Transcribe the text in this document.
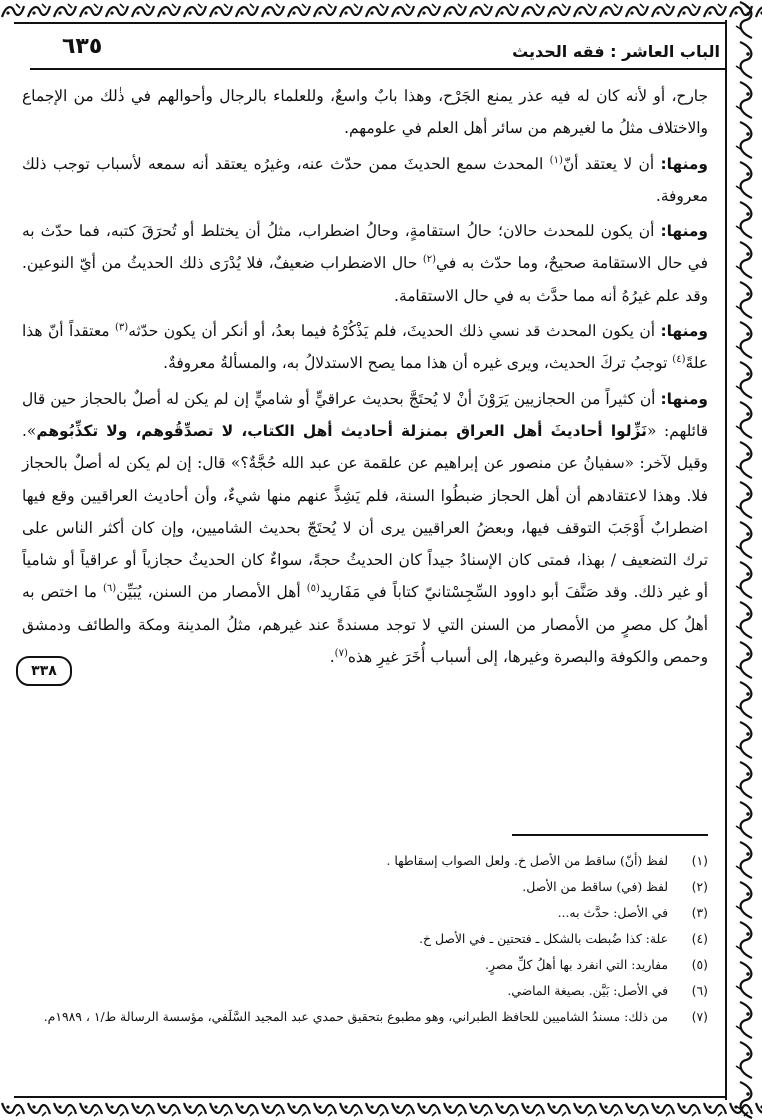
الباب العاشر : فقه الحديث
٦٣٥

جارح، أو لأنه كان له فيه عذر يمنع الجَرْح، وهذا بابٌ واسعٌ، وللعلماء بالرجال وأحوالهم في ذٰلك من الإجماع والاختلاف مثلُ ما لغيرهم من سائر أهل العلم في علومهم.

ومنها: أن لا يعتقد أنّ$^{(١)}$ المحدث سمع الحديثَ ممن حدّث عنه، وغيرُه يعتقد أنه سمعه لأسباب توجب ذلك معروفة.

ومنها: أن يكون للمحدث حالان؛ حالُ استقامةٍ، وحالُ اضطراب، مثلُ أن يختلط أو تُحرَقَ كتبه، فما حدّث به في حال الاستقامة صحيحٌ، وما حدّث به في$^{(٢)}$ حال الاضطراب ضعيفٌ، فلا يُدْرَى ذلك الحديثُ من أيّ النوعين. وقد علم غيرُهُ أنه مما حدَّث به في حال الاستقامة.

ومنها: أن يكون المحدث قد نسي ذلك الحديثَ، فلم يَذْكُرْهُ فيما بعدُ، أو أنكر أن يكون حدّثه$^{(٣)}$ معتقداً أنّ هذا علةً$^{(٤)}$ توجبُ تركَ الحديث، ويرى غيره أن هذا مما يصح الاستدلالُ به، والمسألةُ معروفةٌ.

ومنها: أن كثيراً من الحجازيين يَرَوْنَ أنْ لا يُحتَجَّ بحديث عراقيٍّ أو شاميٍّ إن لم يكن له أصلٌ بالحجاز حين قال قائلهم: «نَزِّلوا أحاديثَ أهل العراق بمنزلة أحاديث أهل الكتاب، لا تصدِّقُوهم، ولا تكذِّبُوهم». وقيل لآخر: «سفيانُ عن منصور عن إبراهيم عن علقمة عن عبد الله حُجَّةٌ؟» قال: إن لم يكن له أصلٌ بالحجاز فلا. وهذا لاعتقادهم أن أهل الحجاز ضبطُوا السنة، فلم يَشِذَّ عنهم منها شيءٌ، وأن أحاديث العراقيين وقع فيها اضطرابٌ أَوْجَبَ التوقف فيها، وبعضُ العراقيين يرى أن لا يُحتَجّ بحديث الشاميين، وإن كان أكثر الناس على ترك التضعيف / بهذا، فمتى كان الإسنادُ جيداً كان الحديثُ حجةً، سواءٌ كان الحديثُ حجازياً أو عراقياً أو شامياً أو غير ذلك. وقد صَنَّفَ أبو داوود السِّجِسْتانيّ كتاباً في مَفَاريد$^{(٥)}$ أهل الأمصار من السنن، يُبَيِّن$^{(٦)}$ ما اختص به أهلُ كل مصرٍ من الأمصار من السنن التي لا توجد مسندةً عند غيرهم، مثلُ المدينة ومكة والطائف ودمشق وحمص والكوفة والبصرة وغيرها، إلى أسباب أُخَرَ غيرِ هذه$^{(٧)}$.

٣٣٨
(١)
لفظ (أنّ) ساقط من الأصل خ. ولعل الصواب إسقاطها .
(٢)
لفظ (في) ساقط من الأصل.
(٣)
في الأصل: حدَّث به...
(٤)
علة: كذا ضُبطت بالشكل ـ فتحتين ـ في الأصل خ.
(٥)
مفاريد: التي انفرد بها أهلُ كلِّ مصرٍ.
(٦)
في الأصل: بَيَّن. بصيغة الماضي.
(٧)
من ذلك: مسندُ الشاميين للحافظ الطبراني، وهو مطبوع بتحقيق حمدي عبد المجيد السَّلَفي، مؤسسة الرسالة ط/١ ، ١٩٨٩م.
